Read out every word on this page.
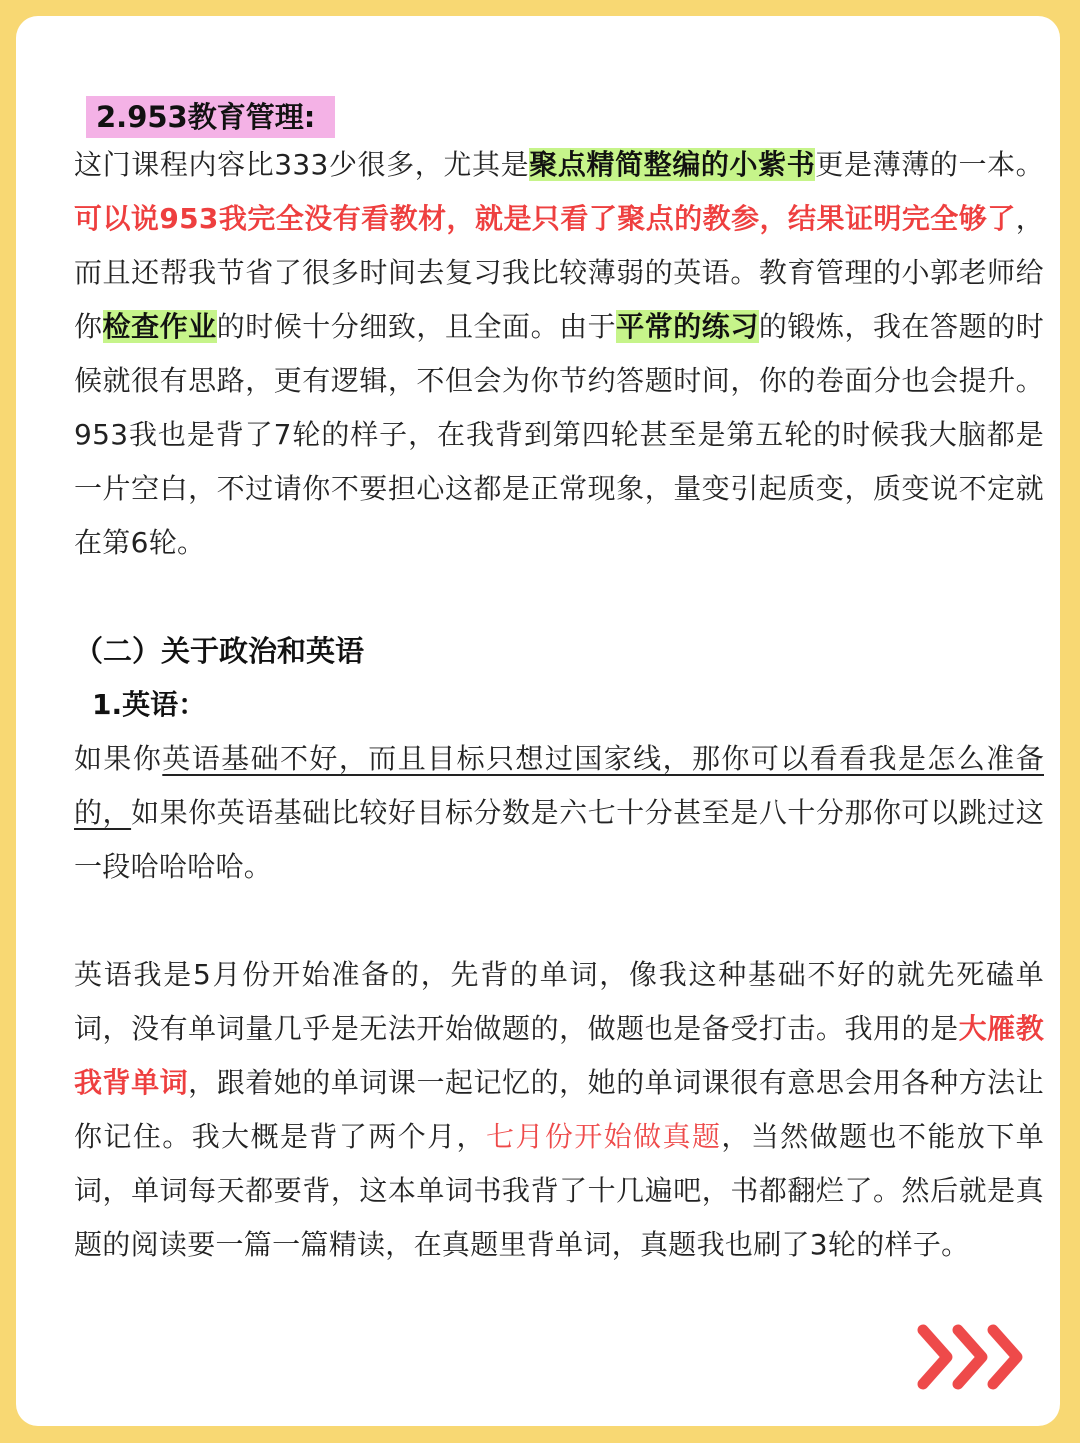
2.953教育管理:

这门课程内容比333少很多，尤其是聚点精简整编的小紫书更是薄薄的一本。可以说953我完全没有看教材，就是只看了聚点的教参，结果证明完全够了，而且还帮我节省了很多时间去复习我比较薄弱的英语。教育管理的小郭老师给你检查作业的时候十分细致，且全面。由于平常的练习的锻炼，我在答题的时候就很有思路，更有逻辑，不但会为你节约答题时间，你的卷面分也会提升。953我也是背了7轮的样子，在我背到第四轮甚至是第五轮的时候我大脑都是一片空白，不过请你不要担心这都是正常现象，量变引起质变，质变说不定就在第6轮。

（二）关于政治和英语
1.英语：

如果你英语基础不好，而且目标只想过国家线，那你可以看看我是怎么准备的，如果你英语基础比较好目标分数是六七十分甚至是八十分那你可以跳过这一段哈哈哈哈。

英语我是5月份开始准备的，先背的单词，像我这种基础不好的就先死磕单词，没有单词量几乎是无法开始做题的，做题也是备受打击。我用的是大雁教我背单词，跟着她的单词课一起记忆的，她的单词课很有意思会用各种方法让你记住。我大概是背了两个月，七月份开始做真题，当然做题也不能放下单词，单词每天都要背，这本单词书我背了十几遍吧，书都翻烂了。然后就是真题的阅读要一篇一篇精读，在真题里背单词，真题我也刷了3轮的样子。
